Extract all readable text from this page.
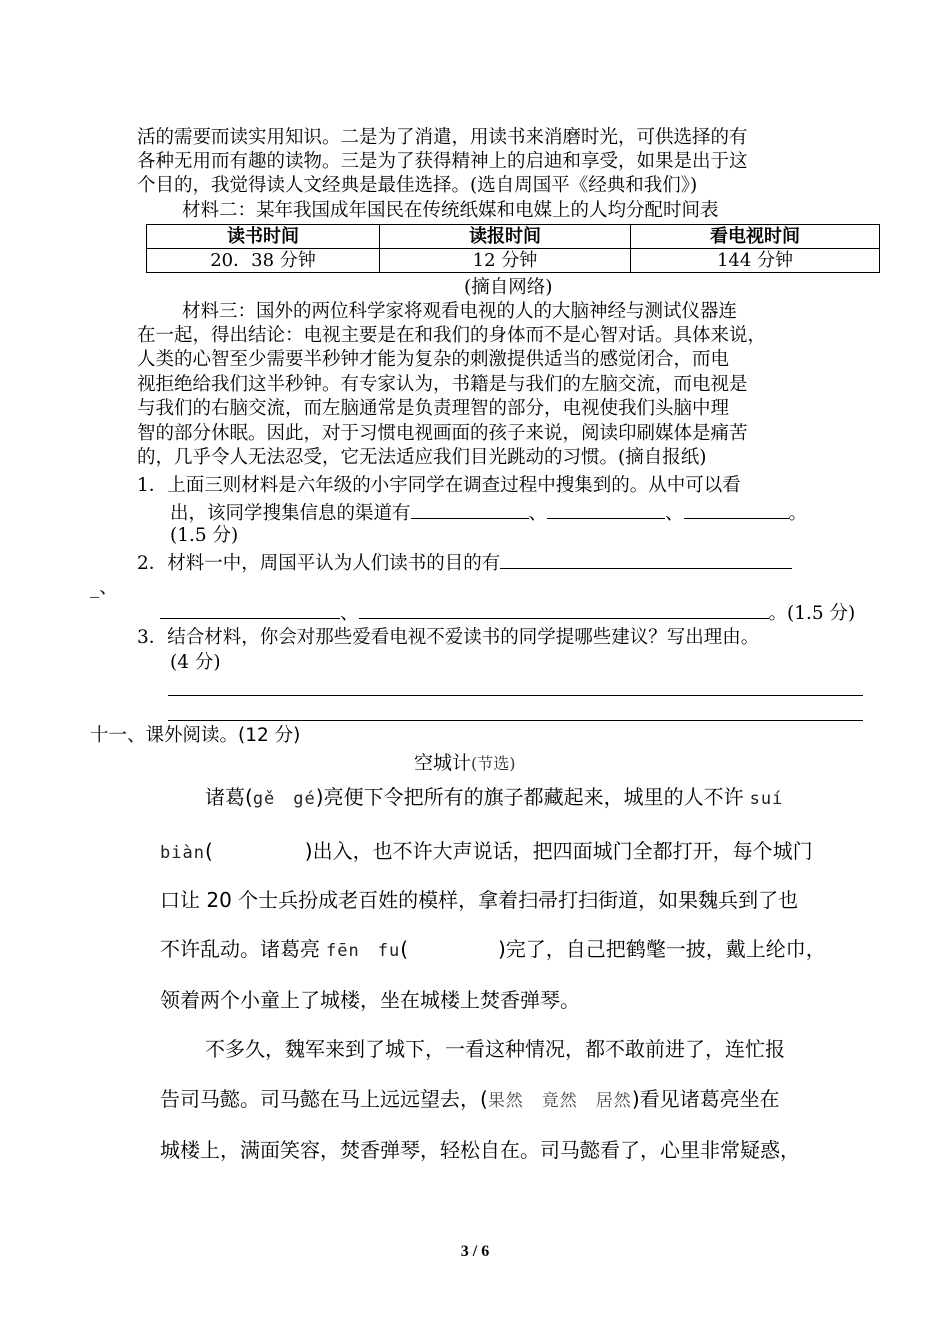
活的需要而读实用知识。二是为了消遣，用读书来消磨时光，可供选择的有
各种无用而有趣的读物。三是为了获得精神上的启迪和享受，如果是出于这
个目的，我觉得读人文经典是最佳选择。(选自周国平《经典和我们》)
材料二：某年我国成年国民在传统纸媒和电媒上的人均分配时间表
读书时间	读报时间	看电视时间
20．38 分钟	12 分钟	144 分钟
(摘自网络)
材料三：国外的两位科学家将观看电视的人的大脑神经与测试仪器连
在一起，得出结论：电视主要是在和我们的身体而不是心智对话。具体来说，
人类的心智至少需要半秒钟才能为复杂的刺激提供适当的感觉闭合，而电
视拒绝给我们这半秒钟。有专家认为，书籍是与我们的左脑交流，而电视是
与我们的右脑交流，而左脑通常是负责理智的部分，电视使我们头脑中理
智的部分休眠。因此，对于习惯电视画面的孩子来说，阅读印刷媒体是痛苦
的，几乎令人无法忍受，它无法适应我们目光跳动的习惯。(摘自报纸)
1．上面三则材料是六年级的小宇同学在调查过程中搜集到的。从中可以看
出，该同学搜集信息的渠道有	、	、	。
(1.5 分)
2．材料一中，周国平认为人们读书的目的有
_、
、	。(1.5 分)
3．结合材料，你会对那些爱看电视不爱读书的同学提哪些建议？写出理由。
(4 分)
十一、课外阅读。(12 分)
空城计(节选)
诸葛(gě　gé)亮便下令把所有的旗子都藏起来，城里的人不许 suí
biàn(	)出入，也不许大声说话，把四面城门全都打开，每个城门
口让 20 个士兵扮成老百姓的模样，拿着扫帚打扫街道，如果魏兵到了也
不许乱动。诸葛亮 fēn　fu(	)完了，自己把鹤氅一披，戴上纶巾，
领着两个小童上了城楼，坐在城楼上焚香弹琴。
不多久，魏军来到了城下，一看这种情况，都不敢前进了，连忙报
告司马懿。司马懿在马上远远望去，(果然　竟然　居然)看见诸葛亮坐在
城楼上，满面笑容，焚香弹琴，轻松自在。司马懿看了，心里非常疑惑，
3 / 6
